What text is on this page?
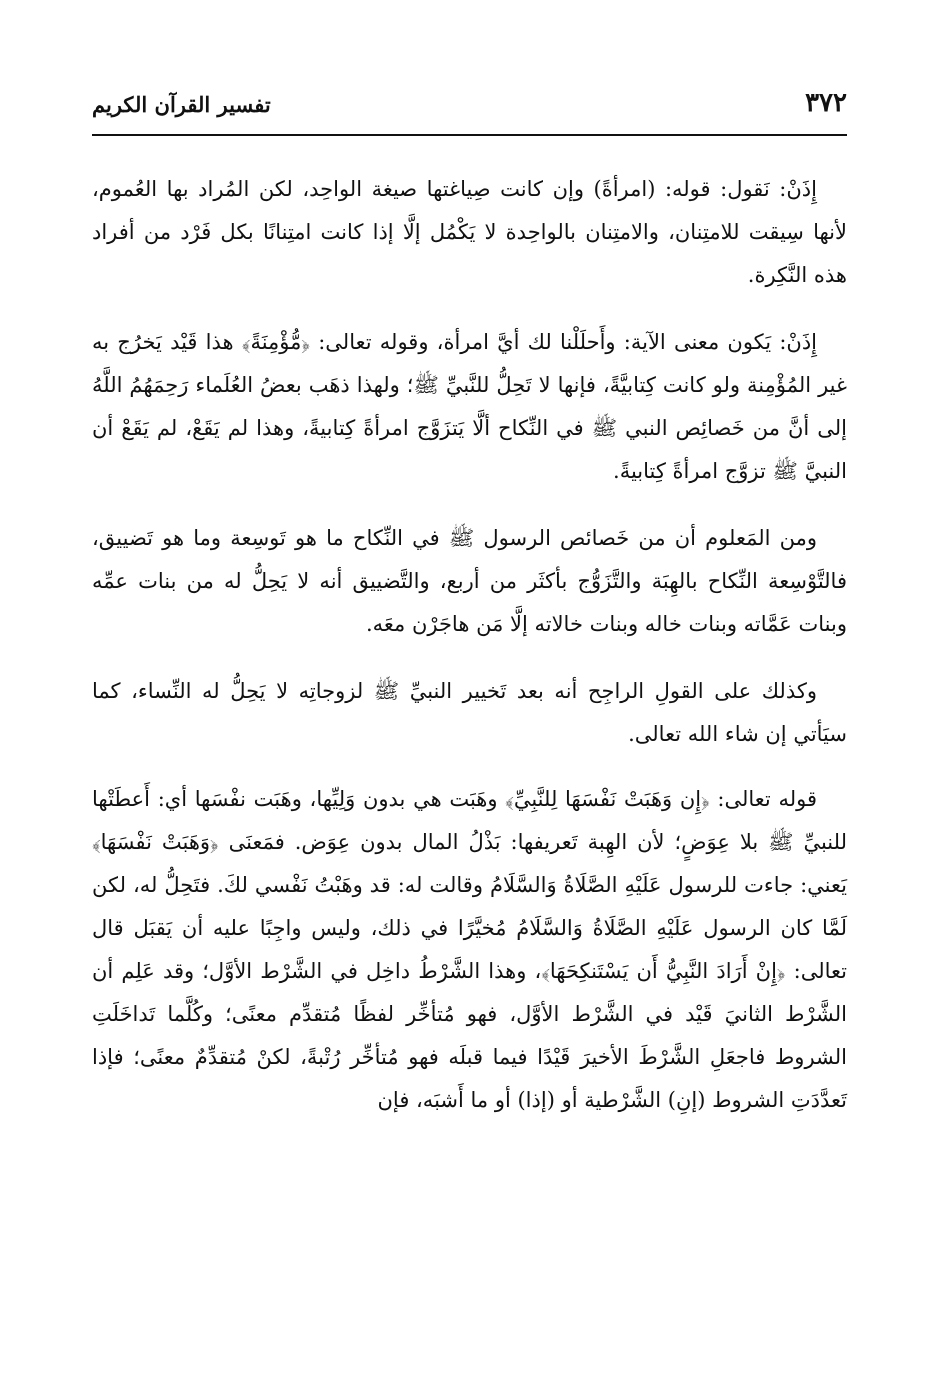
٣٧٢
تفسير القرآن الكريم

إِذَنْ: نَقول: قوله: (امرأةً) وإن كانت صِياغتها صيغة الواحِد، لكن المُراد بها العُموم، لأنها سِيقت للامتِنان، والامتِنان بالواحِدة لا يَكْمُل إلَّا إذا كانت امتِنانًا بكل فَرْد من أفراد هذه النَّكِرة.

إِذَنْ: يَكون معنى الآية: وأَحلَلْنا لك أيَّ امرأة، وقوله تعالى: ﴿مُّؤْمِنَةً﴾ هذا قَيْد يَخرُج به غير المُؤْمِنة ولو كانت كِتابيَّةً، فإنها لا تَحِلُّ للنَّبيِّ ﷺ؛ ولهذا ذهَب بعضُ العُلَماء رَحِمَهُمُ اللَّهُ إلى أنَّ من خَصائِص النبي ﷺ في النِّكاح ألَّا يَتزَوَّج امرأةً كِتابيةً، وهذا لم يَقَعْ، لم يَقَعْ أن النبيَّ ﷺ تزوَّج امرأةً كِتابيةً.

ومن المَعلوم أن من خَصائص الرسول ﷺ في النِّكاح ما هو تَوسِعة وما هو تَضييق، فالتَّوْسِعة النِّكاح بالهِبَة والتَّزَوُّج بأكثَر من أربع، والتَّضييق أنه لا يَحِلُّ له من بنات عمِّه وبنات عَمَّاته وبنات خاله وبنات خالاته إلَّا مَن هاجَرْن معَه.

وكذلك على القولِ الراجِح أنه بعد تَخيير النبيِّ ﷺ لزوجاتِه لا يَحِلُّ له النِّساء، كما سيَأتي إن شاء الله تعالى.

قوله تعالى: ﴿إِن وَهَبَتْ نَفْسَهَا لِلنَّبِيِّ﴾ وهَبَت هي بدون وَلِيِّها، وهَبَت نفْسَها أي: أَعطَتْها للنبيِّ ﷺ بلا عِوَضٍ؛ لأن الهِبة تَعريفها: بَذْلُ المال بدون عِوَض. فمَعنَى ﴿وَهَبَتْ نَفْسَهَا﴾ يَعني: جاءت للرسول عَلَيْهِ الصَّلَاةُ وَالسَّلَامُ وقالت له: قد وهَبْتُ نَفْسي لكَ. فتَحِلُّ له، لكن لَمَّا كان الرسول عَلَيْهِ الصَّلَاةُ وَالسَّلَامُ مُخيَّرًا في ذلك، وليس واجِبًا عليه أن يَقبَل قال تعالى: ﴿إِنْ أَرَادَ النَّبِيُّ أَن يَسْتَنكِحَهَا﴾، وهذا الشَّرْطُ داخِل في الشَّرْط الأوَّل؛ وقد عَلِم أن الشَّرْط الثانيَ قَيْد في الشَّرْط الأوَّل، فهو مُتأخِّر لفظًا مُتقدِّم معنًى؛ وكُلَّما تَداخَلَتِ الشروط فاجعَلِ الشَّرْطَ الأخيرَ قَيْدًا فيما قبلَه فهو مُتأخِّر رُتْبةً، لكنْ مُتقدِّمٌ معنًى؛ فإذا تَعدَّدَتِ الشروط (إنِ) الشَّرْطية أو (إذا) أو ما أَشبَه، فإن
